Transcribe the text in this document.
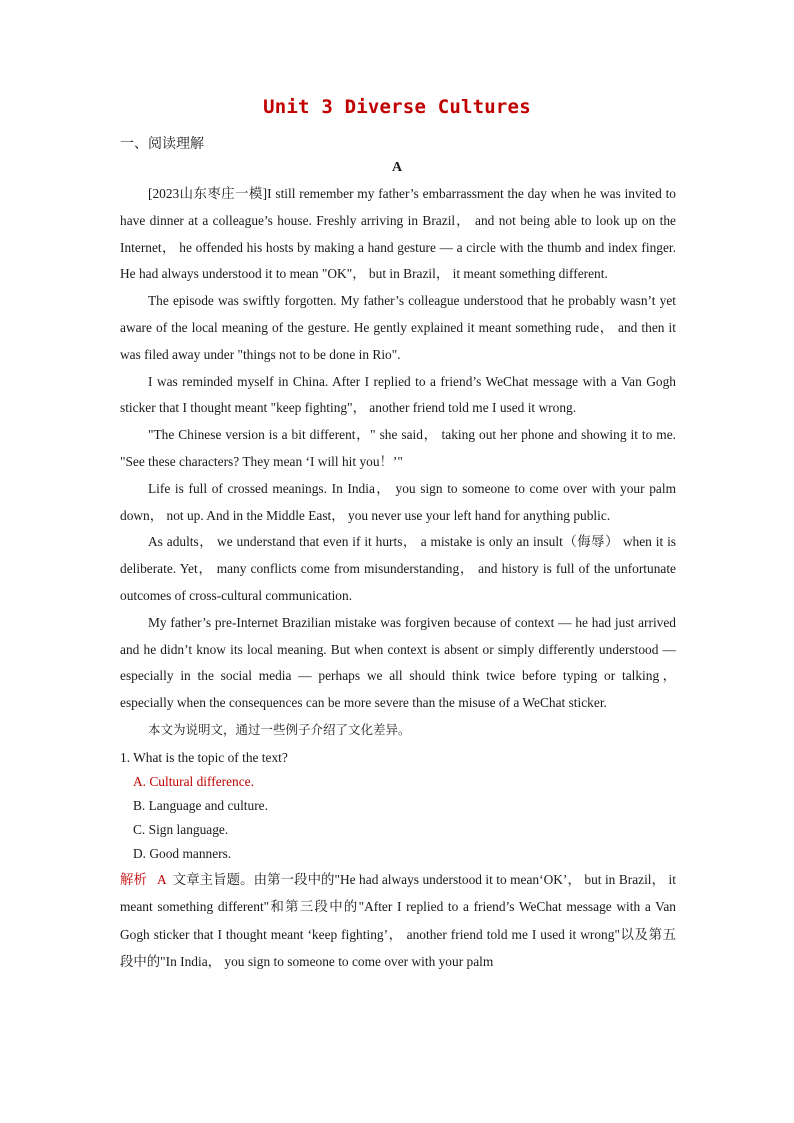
Unit 3 Diverse Cultures
一、阅读理解
A

[2023山东枣庄一模]I still remember my father’s embarrassment the day when he was invited to have dinner at a colleague’s house. Freshly arriving in Brazil， and not being able to look up on the Internet， he offended his hosts by making a hand gesture — a circle with the thumb and index finger. He had always understood it to mean "OK"， but in Brazil， it meant something different.

The episode was swiftly forgotten. My father’s colleague understood that he probably wasn’t yet aware of the local meaning of the gesture. He gently explained it meant something rude， and then it was filed away under "things not to be done in Rio".

I was reminded myself in China. After I replied to a friend’s WeChat message with a Van Gogh sticker that I thought meant "keep fighting"， another friend told me I used it wrong.

"The Chinese version is a bit different，" she said， taking out her phone and showing it to me. "See these characters? They mean ‘I will hit you！’"

Life is full of crossed meanings. In India， you sign to someone to come over with your palm down， not up. And in the Middle East， you never use your left hand for anything public.

As adults， we understand that even if it hurts， a mistake is only an insult（侮辱） when it is deliberate. Yet， many conflicts come from misunderstanding， and history is full of the unfortunate outcomes of cross-cultural communication.

My father’s pre-Internet Brazilian mistake was forgiven because of context — he had just arrived and he didn’t know its local meaning. But when context is absent or simply differently understood — especially in the social media — perhaps we all should think twice before typing or talking， especially when the consequences can be more severe than the misuse of a WeChat sticker.

本文为说明文，通过一些例子介绍了文化差异。

1. What is the topic of the text?

A. Cultural difference.
B. Language and culture.
C. Sign language.
D. Good manners.

解析 A 文章主旨题。由第一段中的"He had always understood it to mean‘OK’， but in Brazil， it meant something different"和第三段中的"After I replied to a friend’s WeChat message with a Van Gogh sticker that I thought meant ‘keep fighting’， another friend told me I used it wrong"以及第五段中的"In India， you sign to someone to come over with your palm
